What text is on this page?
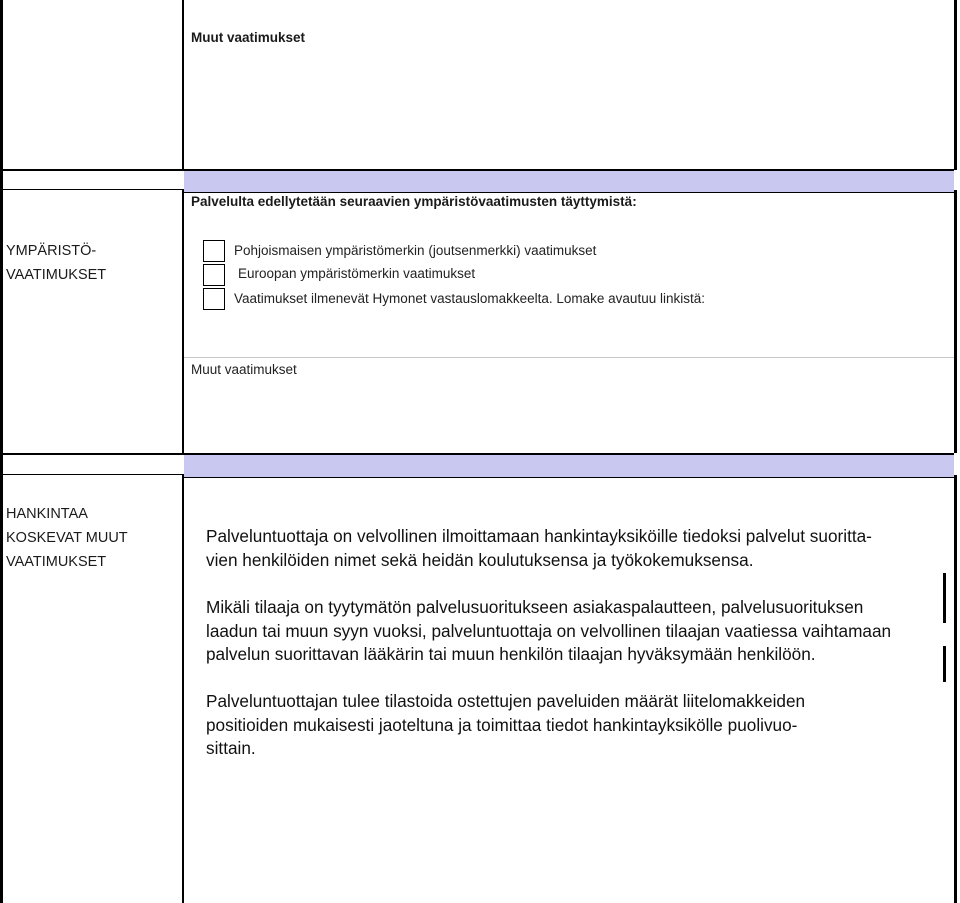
Muut vaatimukset
Palvelulta edellytetään seuraavien ympäristövaatimusten täyttymistä:
YMPÄRISTÖ-
VAATIMUKSET
Pohjoismaisen ympäristömerkin (joutsenmerkki) vaatimukset
Euroopan ympäristömerkin vaatimukset
Vaatimukset ilmenevät Hymonet vastauslomakkeelta. Lomake avautuu linkistä:
Muut vaatimukset
HANKINTAA
KOSKEVAT MUUT
VAATIMUKSET
Palveluntuottaja on velvollinen ilmoittamaan hankintayksiköille tiedoksi palvelut suoritta-
vien henkilöiden nimet sekä heidän koulutuksensa ja työkokemuksensa.
Mikäli tilaaja on tyytymätön palvelusuoritukseen asiakaspalautteen, palvelusuorituksen
laadun tai muun syyn vuoksi, palveluntuottaja on velvollinen tilaajan vaatiessa vaihtamaan
palvelun suorittavan lääkärin tai muun henkilön tilaajan hyväksymään henkilöön.
Palveluntuottajan tulee tilastoida ostettujen paveluiden määrät liitelomakkeiden
positioiden mukaisesti jaoteltuna ja toimittaa tiedot hankintayksikölle puolivuo-
sittain.
